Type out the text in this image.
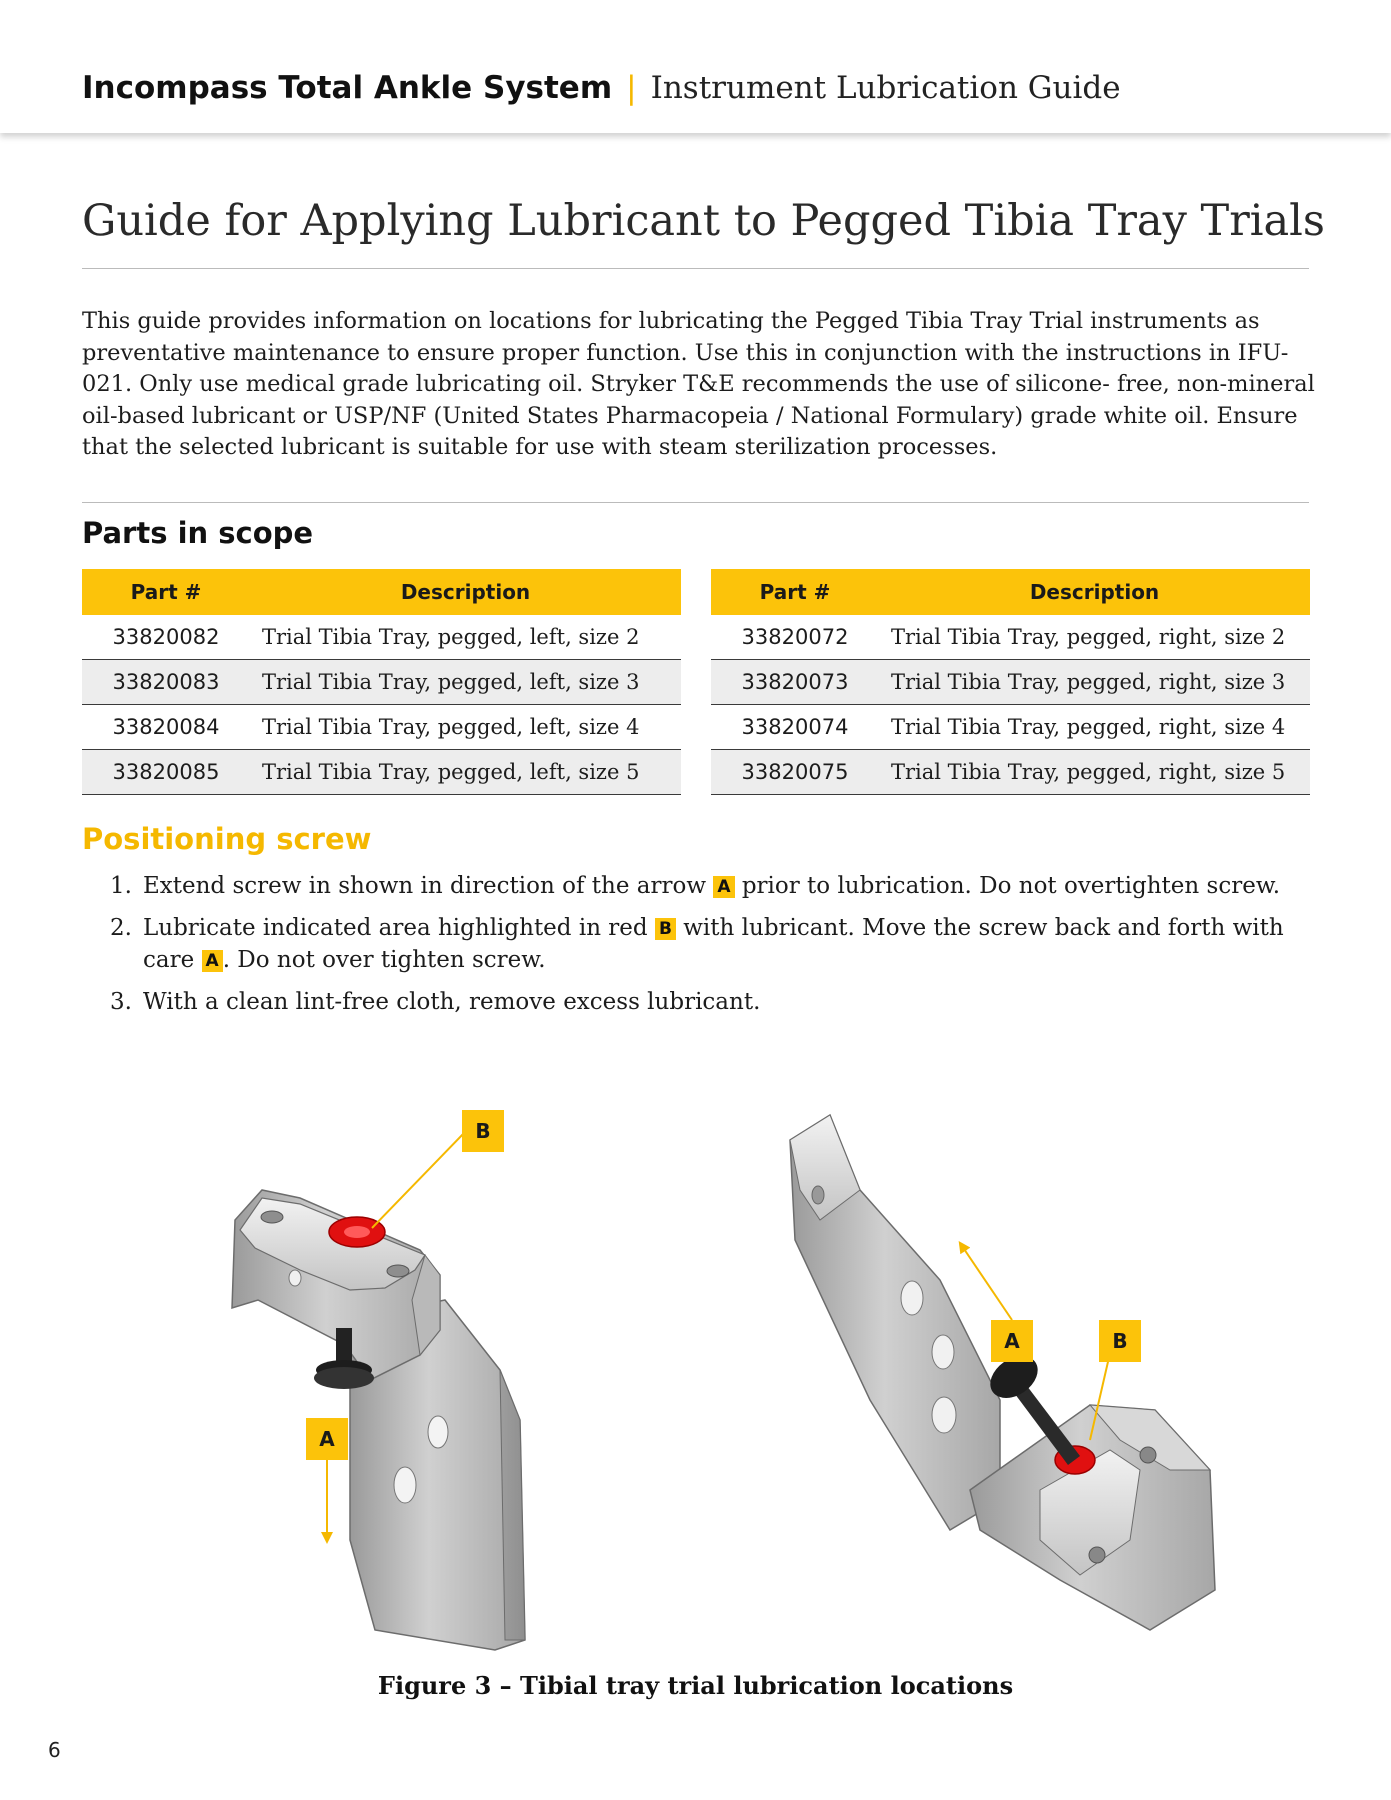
Incompass Total Ankle System | Instrument Lubrication Guide
Guide for Applying Lubricant to Pegged Tibia Tray Trials

This guide provides information on locations for lubricating the Pegged Tibia Tray Trial instruments as preventative maintenance to ensure proper function. Use this in conjunction with the instructions in IFU-021. Only use medical grade lubricating oil. Stryker T&E recommends the use of silicone- free, non-mineral oil-based lubricant or USP/NF (United States Pharmacopeia / National Formulary) grade white oil. Ensure that the selected lubricant is suitable for use with steam sterilization processes.

Parts in scope
Part #	Description
33820082	Trial Tibia Tray, pegged, left, size 2
33820083	Trial Tibia Tray, pegged, left, size 3
33820084	Trial Tibia Tray, pegged, left, size 4
33820085	Trial Tibia Tray, pegged, left, size 5
Part #	Description
33820072	Trial Tibia Tray, pegged, right, size 2
33820073	Trial Tibia Tray, pegged, right, size 3
33820074	Trial Tibia Tray, pegged, right, size 4
33820075	Trial Tibia Tray, pegged, right, size 5
Positioning screw
1. Extend screw in shown in direction of the arrow A prior to lubrication. Do not overtighten screw.
2. Lubricate indicated area highlighted in red B with lubricant. Move the screw back and forth with care A . Do not over tighten screw.
3. With a clean lint-free cloth, remove excess lubricant.
B
A
A	B
Figure 3 – Tibial tray trial lubrication locations
6
